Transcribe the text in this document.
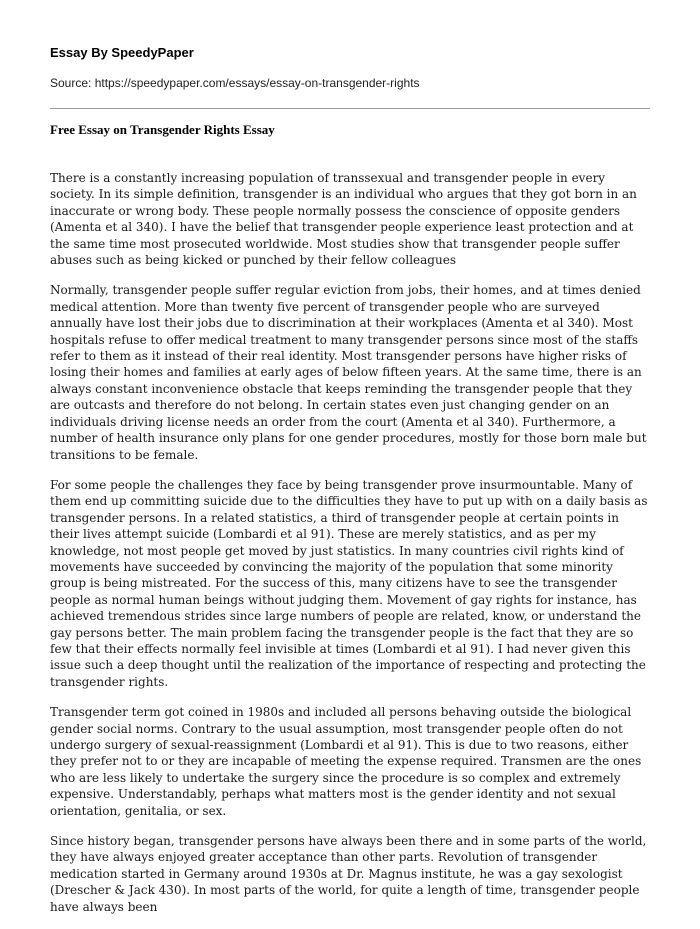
Essay By SpeedyPaper
Source: https://speedypaper.com/essays/essay-on-transgender-rights
Free Essay on Transgender Rights Essay

There is a constantly increasing population of transsexual and transgender people in every society. In its simple definition, transgender is an individual who argues that they got born in an inaccurate or wrong body. These people normally possess the conscience of opposite genders (Amenta et al 340). I have the belief that transgender people experience least protection and at the same time most prosecuted worldwide. Most studies show that transgender people suffer abuses such as being kicked or punched by their fellow colleagues

Normally, transgender people suffer regular eviction from jobs, their homes, and at times denied medical attention. More than twenty five percent of transgender people who are surveyed annually have lost their jobs due to discrimination at their workplaces (Amenta et al 340). Most hospitals refuse to offer medical treatment to many transgender persons since most of the staffs refer to them as it instead of their real identity. Most transgender persons have higher risks of losing their homes and families at early ages of below fifteen years. At the same time, there is an always constant inconvenience obstacle that keeps reminding the transgender people that they are outcasts and therefore do not belong. In certain states even just changing gender on an individuals driving license needs an order from the court (Amenta et al 340). Furthermore, a number of health insurance only plans for one gender procedures, mostly for those born male but transitions to be female.

For some people the challenges they face by being transgender prove insurmountable. Many of them end up committing suicide due to the difficulties they have to put up with on a daily basis as transgender persons. In a related statistics, a third of transgender people at certain points in their lives attempt suicide (Lombardi et al 91). These are merely statistics, and as per my knowledge, not most people get moved by just statistics. In many countries civil rights kind of movements have succeeded by convincing the majority of the population that some minority group is being mistreated. For the success of this, many citizens have to see the transgender people as normal human beings without judging them. Movement of gay rights for instance, has achieved tremendous strides since large numbers of people are related, know, or understand the gay persons better. The main problem facing the transgender people is the fact that they are so few that their effects normally feel invisible at times (Lombardi et al 91). I had never given this issue such a deep thought until the realization of the importance of respecting and protecting the transgender rights.

Transgender term got coined in 1980s and included all persons behaving outside the biological gender social norms. Contrary to the usual assumption, most transgender people often do not undergo surgery of sexual-reassignment (Lombardi et al 91). This is due to two reasons, either they prefer not to or they are incapable of meeting the expense required. Transmen are the ones who are less likely to undertake the surgery since the procedure is so complex and extremely expensive. Understandably, perhaps what matters most is the gender identity and not sexual orientation, genitalia, or sex.

Since history began, transgender persons have always been there and in some parts of the world, they have always enjoyed greater acceptance than other parts. Revolution of transgender medication started in Germany around 1930s at Dr. Magnus institute, he was a gay sexologist (Drescher & Jack 430). In most parts of the world, for quite a length of time, transgender people have always been
